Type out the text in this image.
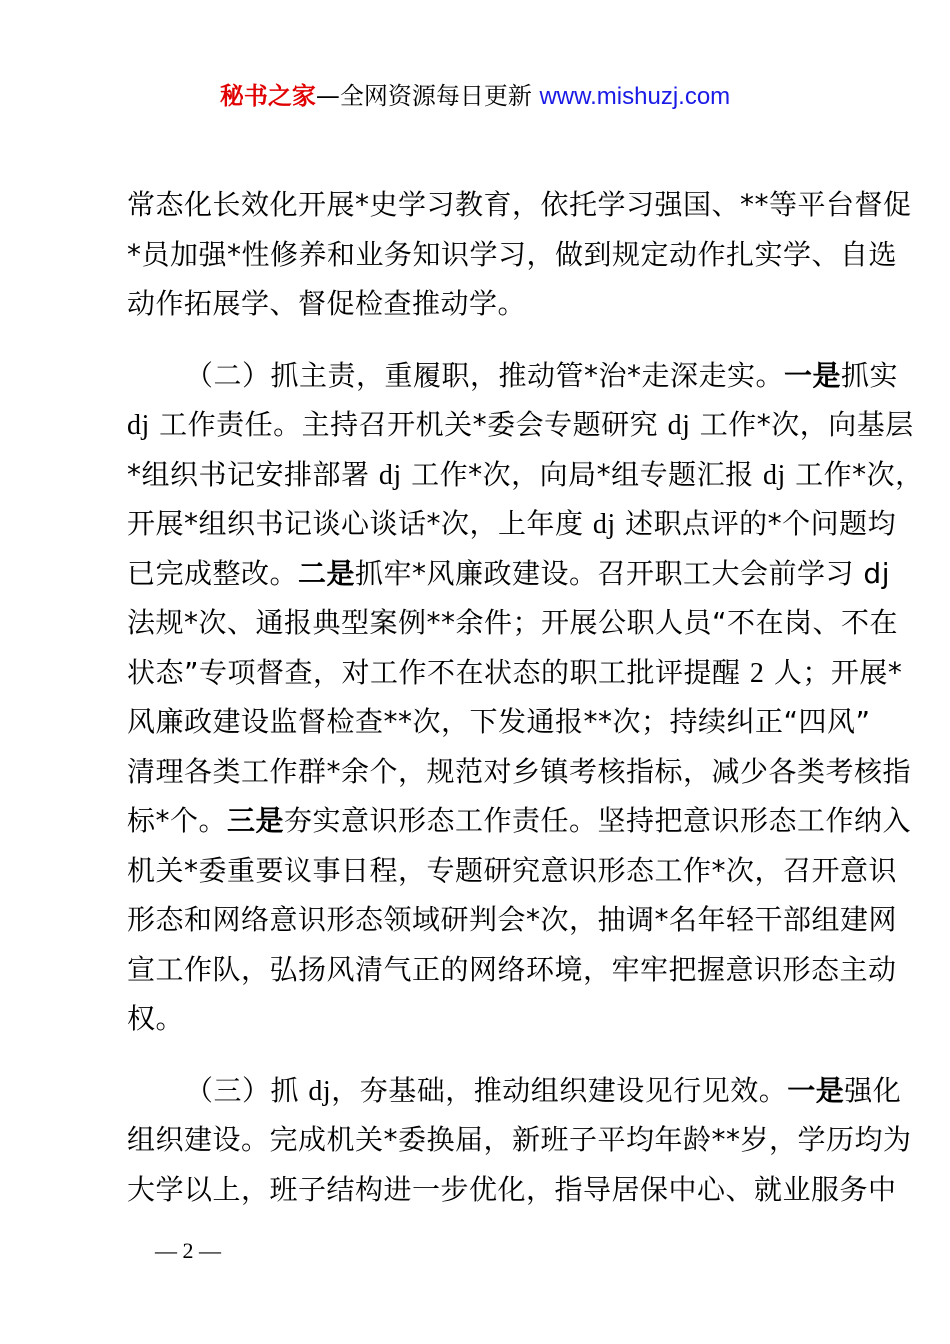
秘书之家—全网资源每日更新 www.mishuzj.com
常态化长效化开展*史学习教育，依托学习强国、**等平台督促
*员加强*性修养和业务知识学习，做到规定动作扎实学、自选
动作拓展学、督促检查推动学。
（二）抓主责，重履职，推动管*治*走深走实。一是抓实
dj 工作责任。主持召开机关*委会专题研究 dj 工作*次，向基层
*组织书记安排部署 dj 工作*次，向局*组专题汇报 dj 工作*次，
开展*组织书记谈心谈话*次，上年度 dj 述职点评的*个问题均
已完成整改。二是抓牢*风廉政建设。召开职工大会前学习 dj
法规*次、通报典型案例**余件；开展公职人员“不在岗、不在
状态”专项督查，对工作不在状态的职工批评提醒 2 人；开展*
风廉政建设监督检查**次，下发通报**次；持续纠正“四风”
清理各类工作群*余个，规范对乡镇考核指标，减少各类考核指
标*个。三是夯实意识形态工作责任。坚持把意识形态工作纳入
机关*委重要议事日程，专题研究意识形态工作*次，召开意识
形态和网络意识形态领域研判会*次，抽调*名年轻干部组建网
宣工作队，弘扬风清气正的网络环境，牢牢把握意识形态主动
权。
（三）抓 dj，夯基础，推动组织建设见行见效。一是强化
组织建设。完成机关*委换届，新班子平均年龄**岁，学历均为
大学以上，班子结构进一步优化，指导居保中心、就业服务中
— 2 —
